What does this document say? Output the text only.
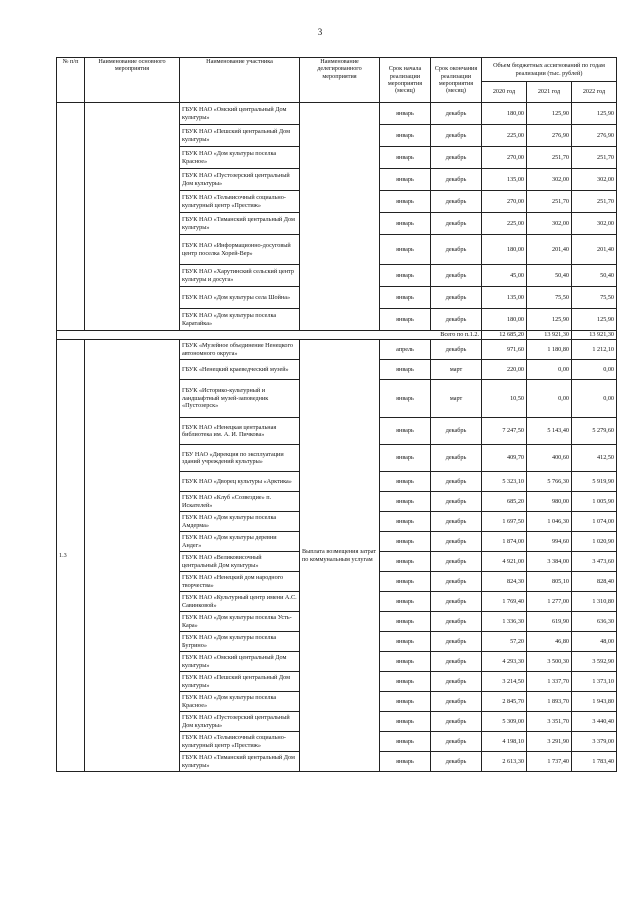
3
№ п/п	Наименование основного мероприятия	Наименование участника	Наименование делегированного мероприятия	Срок начала реализации мероприятия (месяц)	Срок окончания реализации мероприятия (месяц)	Объем бюджетных ассигнований по годам реализации (тыс. рублей)		
						2020 год	2021 год	2022 год
		ГБУК НАО «Омский центральный Дом культуры»		январь	декабрь	180,00	125,90	125,90
		ГБУК НАО «Пешский центральный Дом культуры»		январь	декабрь	225,00	276,90	276,90
		ГБУК НАО «Дом культуры поселка Красное»		январь	декабрь	270,00	251,70	251,70
		ГБУК НАО «Пустозерский центральный Дом культуры»		январь	декабрь	135,00	302,00	302,00
		ГБУК НАО «Тельвисочный социально-культурный центр «Престиж»		январь	декабрь	270,00	251,70	251,70
		ГБУК НАО «Тиманский центральный Дом культуры»		январь	декабрь	225,00	302,00	302,00
		ГБУК НАО «Информационно-досуговый центр поселка Хорей-Вер»		январь	декабрь	180,00	201,40	201,40
		ГБУК НАО «Харутинский сельский центр культуры и досуга»		январь	декабрь	45,00	50,40	50,40
		ГБУК НАО «Дом культуры села Шойна»		январь	декабрь	135,00	75,50	75,50
		ГБУК НАО «Дом культуры поселка Каратайка»		январь	декабрь	180,00	125,90	125,90
Всего по п.1.2.						12 685,20	13 921,30	13 921,30
1.3		ГБУК «Музейное объединение Ненецкого автономного округа»	Выплата возмещения затрат по коммунальным услугам	апрель	декабрь	971,60	1 180,80	1 212,10
		ГБУК «Ненецкий краеведческий музей»		январь	март	220,00	0,00	0,00
		ГБУК «Историко-культурный и ландшафтный музей-заповедник «Пустозерск»		январь	март	10,50	0,00	0,00
		ГБУК НАО «Ненецкая центральная библиотека им. А. И. Пичкова»		январь	декабрь	7 247,50	5 143,40	5 279,60
		ГБУ НАО «Дирекция по эксплуатации зданий учреждений культуры»		январь	декабрь	409,70	400,60	412,50
		ГБУК НАО «Дворец культуры «Арктика»		январь	декабрь	5 323,10	5 766,30	5 919,90
		ГБУК НАО «Клуб «Созвездие» п. Искателей»		январь	декабрь	685,20	980,00	1 005,90
		ГБУК НАО «Дом культуры поселка Амдерма»		январь	декабрь	1 697,50	1 046,30	1 074,00
		ГБУК НАО «Дом культуры деревни Андег»		январь	декабрь	1 874,00	994,60	1 020,90
		ГБУК НАО «Великовисочный центральный Дом культуры»		январь	декабрь	4 921,00	3 384,00	3 473,60
		ГБУК НАО «Ненецкий дом народного творчества»		январь	декабрь	824,30	805,10	828,40
		ГБУК НАО «Культурный центр имени А.С. Савинковой»		январь	декабрь	1 769,40	1 277,00	1 310,80
		ГБУК НАО «Дом культуры поселка Усть-Кара»		январь	декабрь	1 336,30	619,90	636,30
		ГБУК НАО «Дом культуры поселка Бугрино»		январь	декабрь	57,20	46,80	48,00
		ГБУК НАО «Омский центральный Дом культуры»		январь	декабрь	4 293,30	3 500,30	3 592,90
		ГБУК НАО «Пешский центральный Дом культуры»		январь	декабрь	3 214,50	1 337,70	1 373,10
		ГБУК НАО «Дом культуры поселка Красное»		январь	декабрь	2 845,70	1 893,70	1 943,80
		ГБУК НАО «Пустозерский центральный Дом культуры»		январь	декабрь	5 309,00	3 351,70	3 440,40
		ГБУК НАО «Тельвисочный социально-культурный центр «Престиж»		январь	декабрь	4 198,10	3 291,90	3 379,00
		ГБУК НАО «Тиманский центральный Дом культуры»		январь	декабрь	2 613,30	1 737,40	1 783,40
